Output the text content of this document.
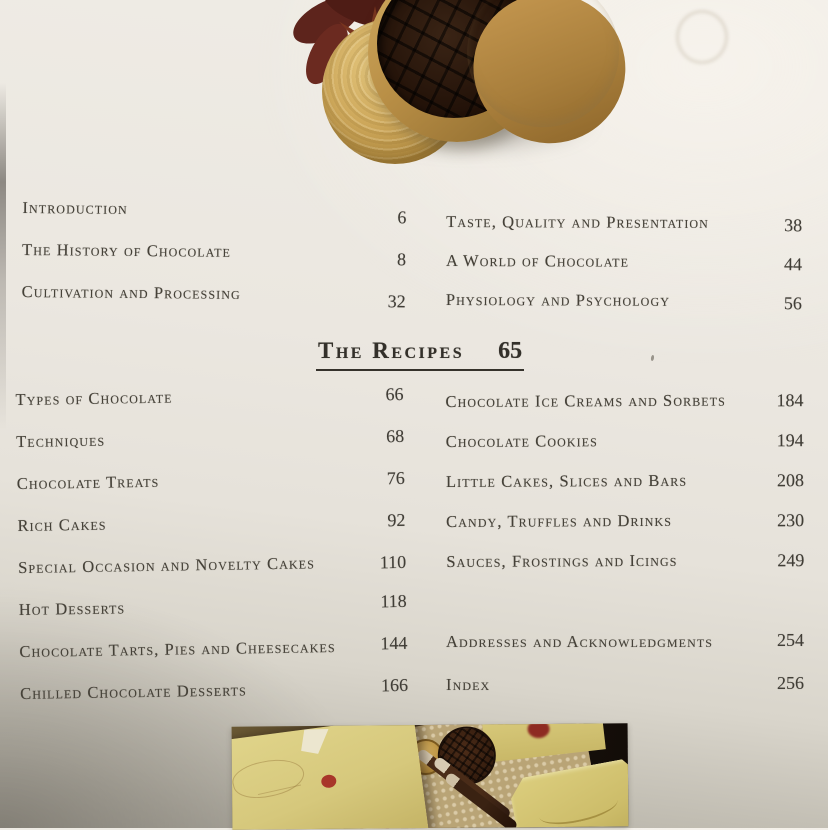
Introduction	6
The History of Chocolate	8
Cultivation and Processing	32
Taste, Quality and Presentation	38
A World of Chocolate	44
Physiology and Psychology	56
The Recipes 65
Types of Chocolate	66
Techniques	68
Chocolate Treats	76
Rich Cakes	92
Special Occasion and Novelty Cakes	110
Hot Desserts	118
Chocolate Tarts, Pies and Cheesecakes 144
Chilled Chocolate Desserts	166
Chocolate Ice Creams and Sorbets	184
Chocolate Cookies	194
Little Cakes, Slices and Bars	208
Candy, Truffles and Drinks	230
Sauces, Frostings and Icings	249
Addresses and Acknowledgments	254
Index	256
